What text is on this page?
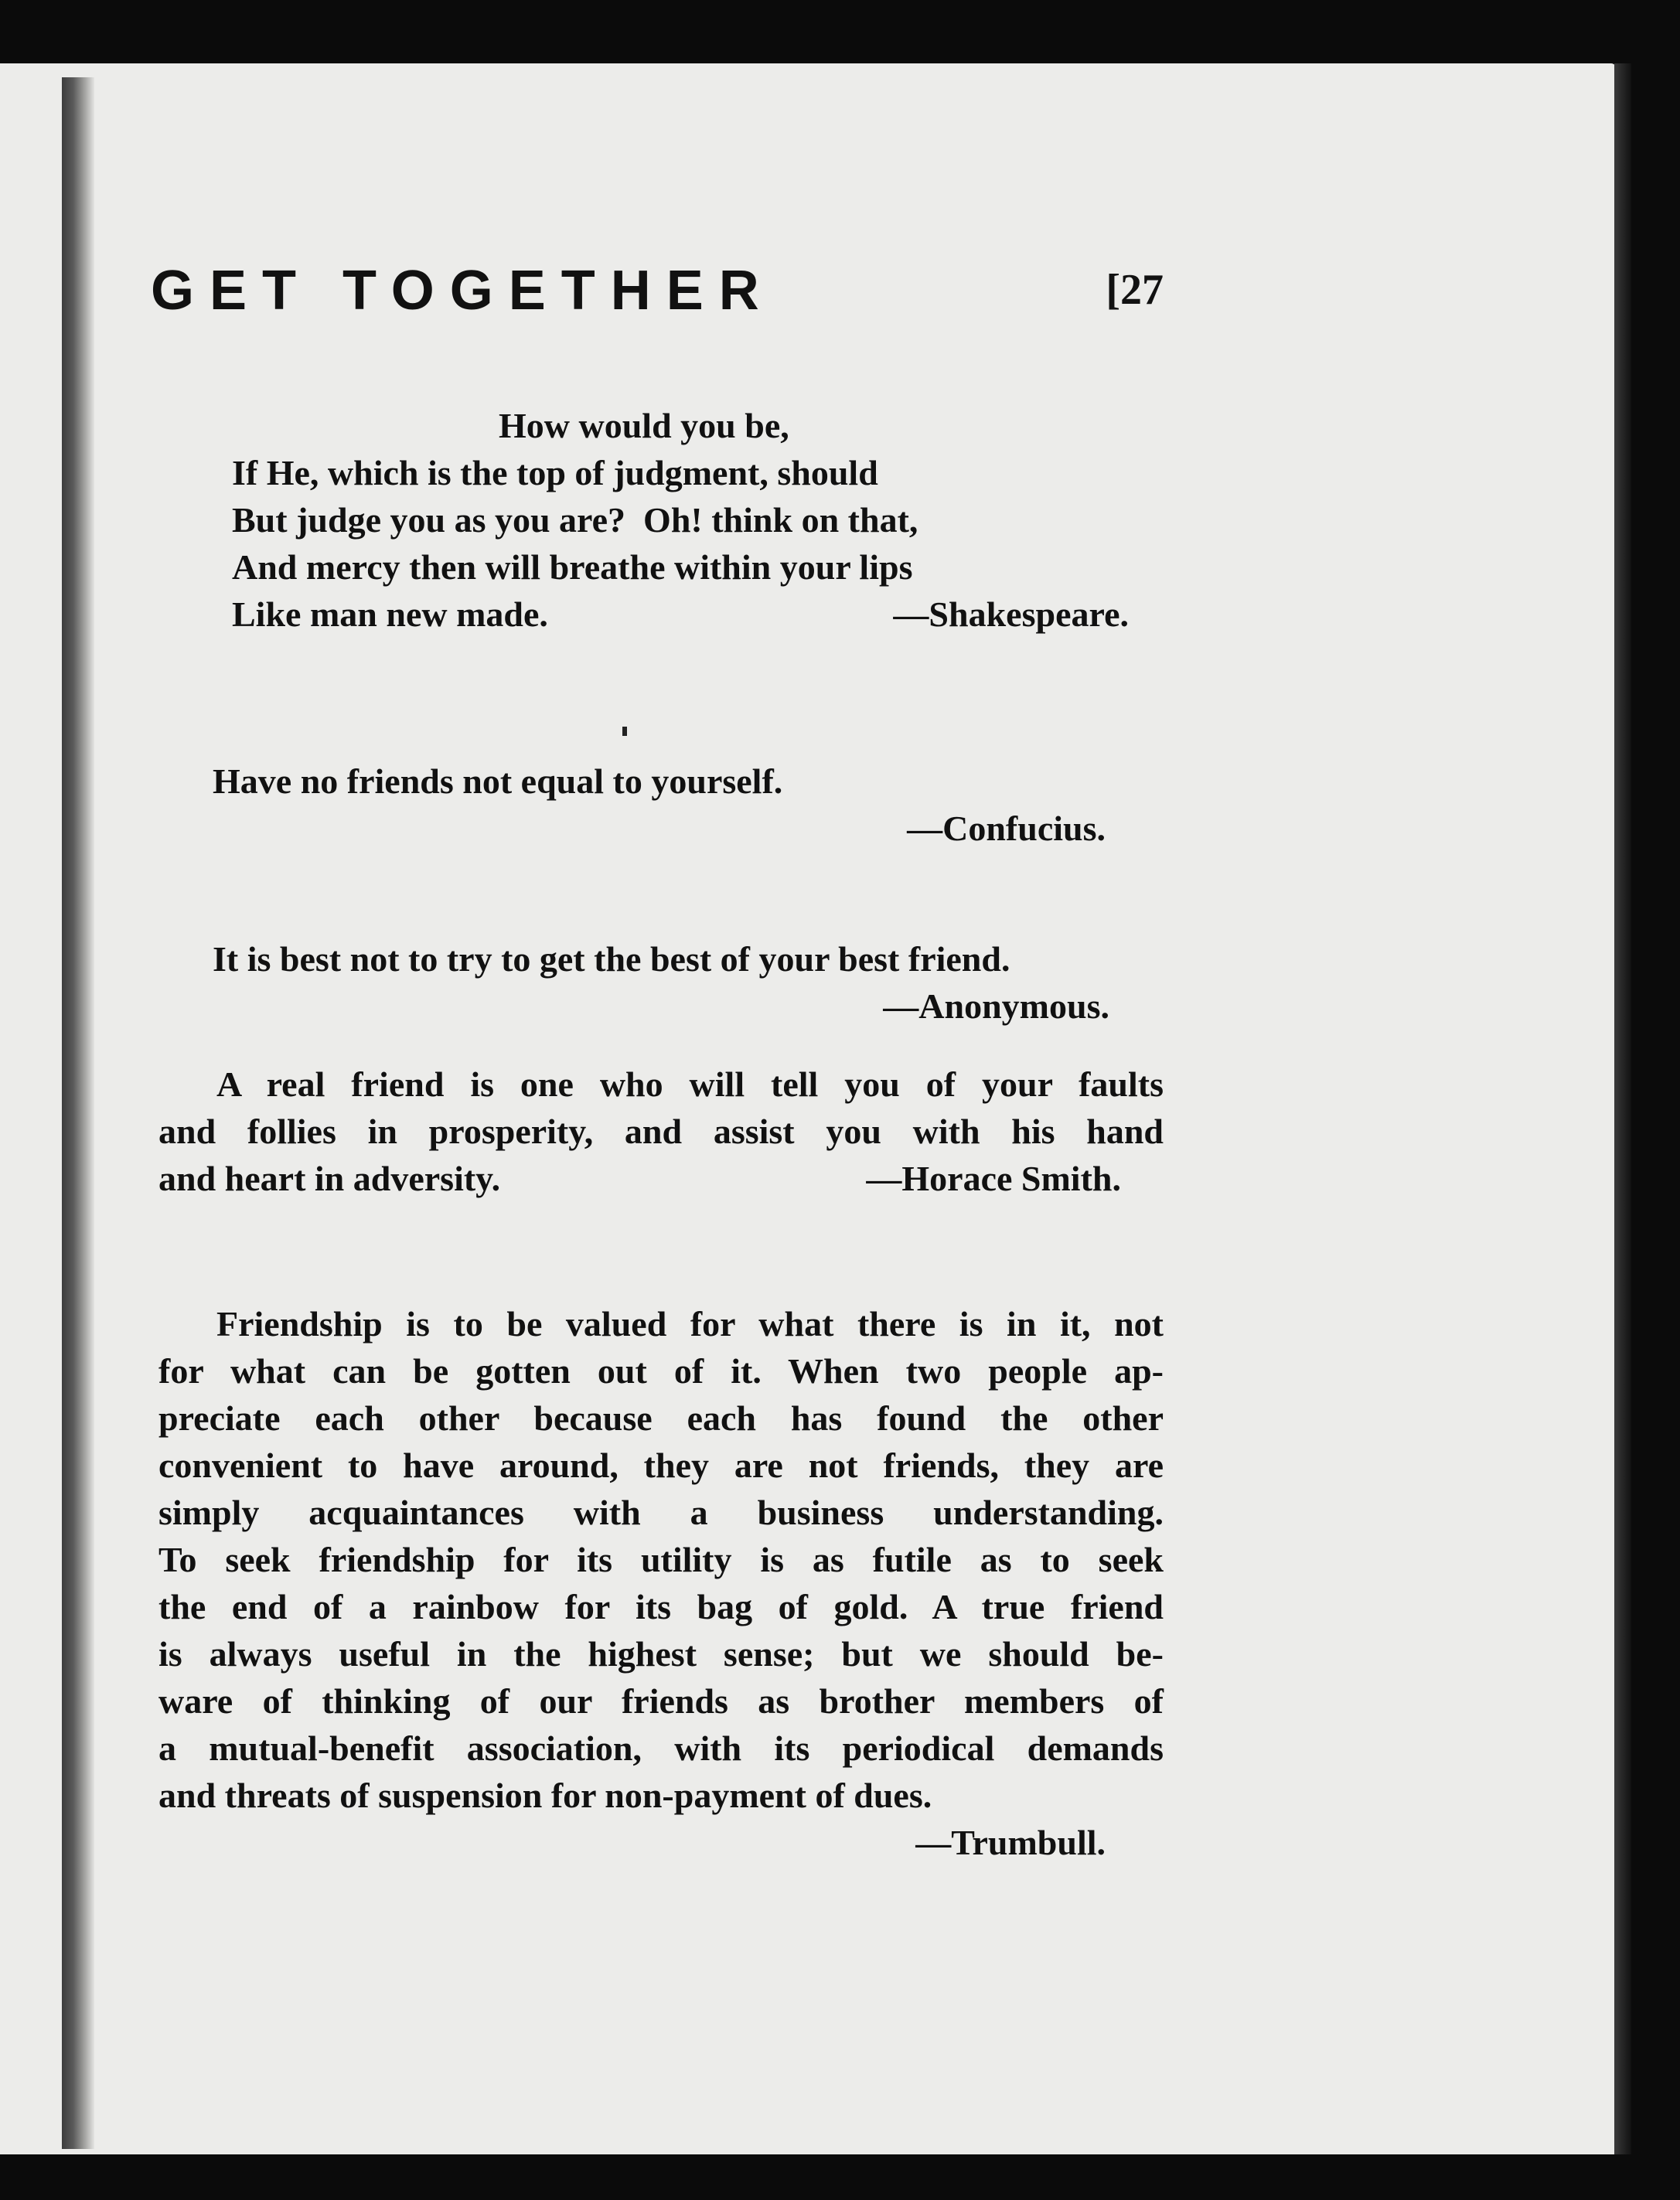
GET TOGETHER	[27
How would you be,
If He, which is the top of judgment, should
But judge you as you are?  Oh! think on that,
And mercy then will breathe within your lips
Like man new made.	—Shakespeare.
Have no friends not equal to yourself.
—Confucius.
It is best not to try to get the best of your best friend.
—Anonymous.
A real friend is one who will tell you of your faults
and follies in prosperity, and assist you with his hand
and heart in adversity.	—Horace Smith.
Friendship is to be valued for what there is in it, not
for what can be gotten out of it. When two people ap-
preciate each other because each has found the other
convenient to have around, they are not friends, they are
simply acquaintances with a business understanding.
To seek friendship for its utility is as futile as to seek
the end of a rainbow for its bag of gold. A true friend
is always useful in the highest sense; but we should be-
ware of thinking of our friends as brother members of
a mutual-benefit association, with its periodical demands
and threats of suspension for non-payment of dues.
—Trumbull.
